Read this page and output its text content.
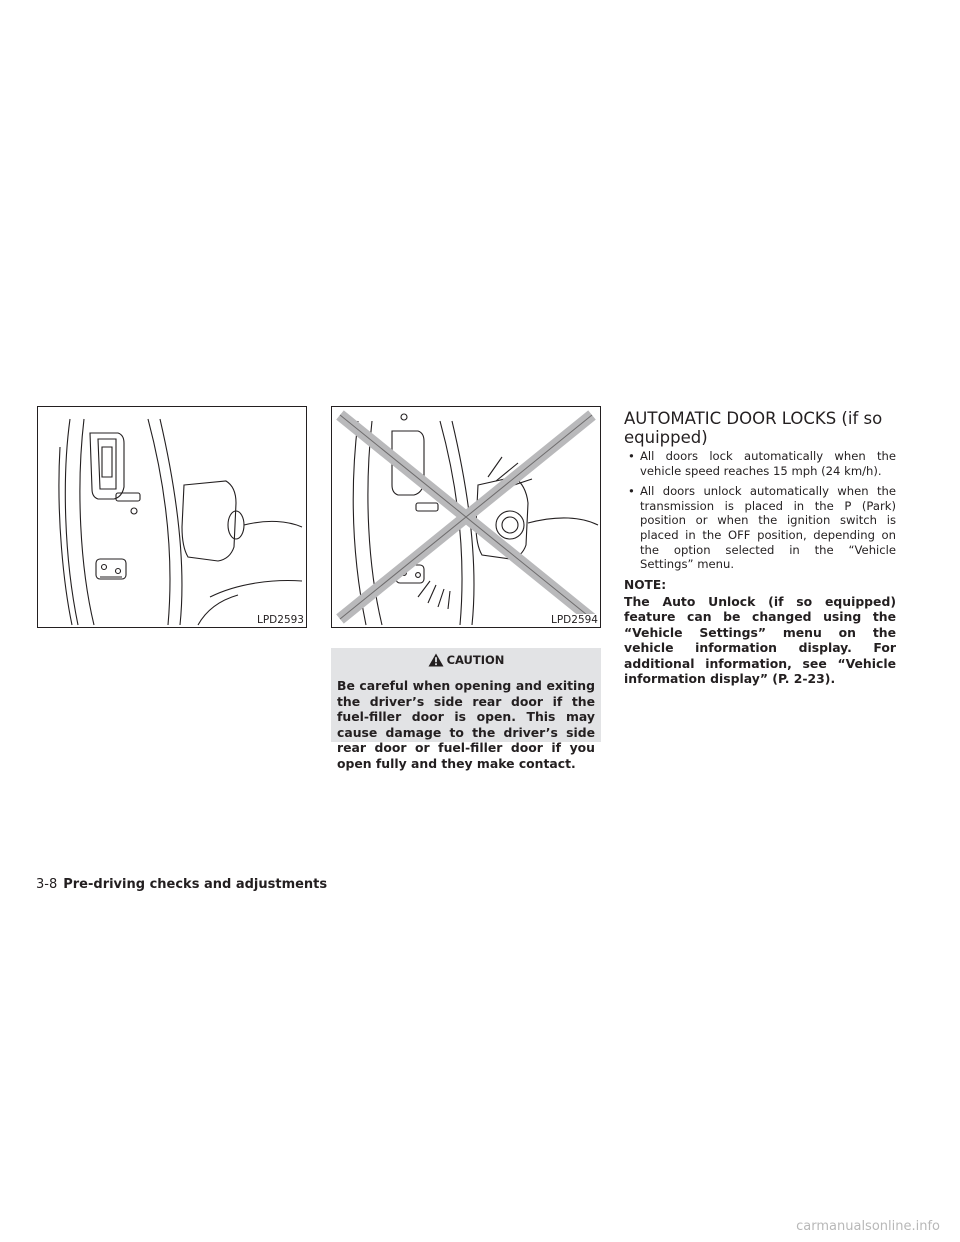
LPD2593	LPD2594
CAUTION
Be careful when opening and exiting the driver’s side rear door if the fuel-filler door is open. This may cause damage to the driver’s side rear door or fuel-filler door if you open fully and they make contact.
AUTOMATIC DOOR LOCKS (if so equipped)
• All doors lock automatically when the vehicle speed reaches 15 mph (24 km/h).
• All doors unlock automatically when the transmission is placed in the P (Park) position or when the ignition switch is placed in the OFF position, depending on the option selected in the “Vehicle Settings” menu.
NOTE:
The Auto Unlock (if so equipped) feature can be changed using the “Vehicle Settings” menu on the vehicle information display. For additional information, see “Vehicle information display” (P. 2-23).
3-8 Pre-driving checks and adjustments
carmanualsonline.info
